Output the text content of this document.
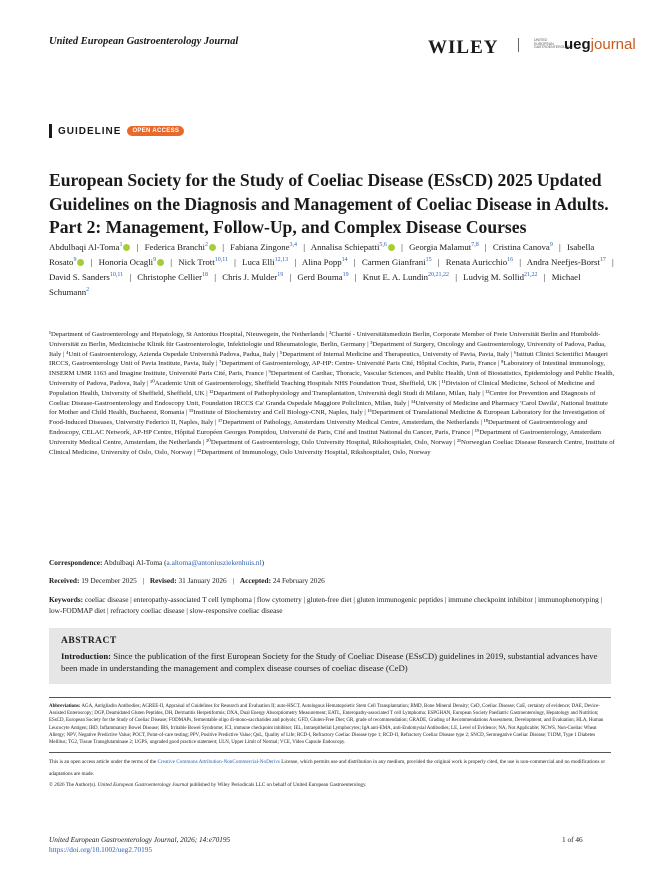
United European Gastroenterology Journal	WILEY	UNITED EUROPEAN GASTROENTEROLOGY
uegjournal
GUIDELINE	OPEN ACCESS
European Society for the Study of Coeliac Disease (ESsCD) 2025 Updated Guidelines on the Diagnosis and Management of Coeliac Disease in Adults. Part 2: Management, Follow-Up, and Complex Disease Courses
Abdulbaqi Al-Toma$^1$ | Federica Branchi$^2$ | Fabiana Zingone$^{3,4}$ | Annalisa Schiepatti$^{5,6}$ | Georgia Malamut$^{7,8}$ | Cristina Canova$^9$ | Isabella Rosato$^9$ | Honoria Ocagli$^9$ | Nick Trott$^{10,11}$ | Luca Elli$^{12,13}$ | Alina Popp$^{14}$ | Carmen Gianfrani$^{15}$ | Renata Auricchio$^{16}$ | Andra Neefjes-Borst$^{17}$ | David S. Sanders$^{10,11}$ | Christophe Cellier$^{18}$ | Chris J. Mulder$^{19}$ | Gerd Bouma$^{19}$ | Knut E. A. Lundin$^{20,21,22}$ | Ludvig M. Sollid$^{21,22}$ | Michael Schumann$^2$
¹Department of Gastroenterology and Hepatology, St Antonius Hospital, Nieuwegein, the Netherlands | ²Charité - Universitätsmedizin Berlin, Corporate Member of Freie Universität Berlin and Humboldt-Universität zu Berlin, Medizinische Klinik für Gastroenterologie, Infektiologie und Rheumatologie, Berlin, Germany | ³Department of Surgery, Oncology and Gastroenterology, University of Padova, Padua, Italy | ⁴Unit of Gastroenterology, Azienda Ospedale Università Padova, Padua, Italy | ⁵Department of Internal Medicine and Therapeutics, University of Pavia, Pavia, Italy | ⁶Istituti Clinici Scientifici Maugeri IRCCS, Gastroenterology Unit of Pavia Institute, Pavia, Italy | ⁷Department of Gastroenterology, AP-HP: Centre- Université Paris Cité, Hôpital Cochin, Paris, France | ⁸Laboratory of Intestinal immunology, INSERM UMR 1163 and Imagine Institute, Université Paris Cité, Paris, France | ⁹Department of Cardiac, Thoracic, Vascular Sciences, and Public Health, Unit of Biostatistics, Epidemiology and Public Health, University of Padova, Padova, Italy | ¹⁰Academic Unit of Gastroenterology, Sheffield Teaching Hospitals NHS Foundation Trust, Sheffield, UK | ¹¹Division of Clinical Medicine, School of Medicine and Population Health, University of Sheffield, Sheffield, UK | ¹²Department of Pathophysiology and Transplantation, Università degli Studi di Milano, Milan, Italy | ¹³Centre for Prevention and Diagnosis of Coeliac Disease-Gastroenterology and Endoscopy Unit, Foundation IRCCS Ca' Granda Ospedale Maggiore Policlinico, Milan, Italy | ¹⁴University of Medicine and Pharmacy 'Carol Davila', National Institute for Mother and Child Health, Bucharest, Romania | ¹⁵Institute of Biochemistry and Cell Biology-CNR, Naples, Italy | ¹⁶Department of Translational Medicine & European Laboratory for the Investigation of Food-Induced Diseases, University Federico II, Naples, Italy | ¹⁷Department of Pathology, Amsterdam University Medical Centre, Amsterdam, the Netherlands | ¹⁸Department of Gastroenterology and Endoscopy, CELAC Network, AP-HP Centre, Hôpital Européen Georges Pompidou, Université de Paris, Cité and Institut National du Cancer, Paris, France | ¹⁹Department of Gastroenterology, Amsterdam University Medical Centre, Amsterdam, the Netherlands | ²⁰Department of Gastroenterology, Oslo University Hospital, Rikshospitalet, Oslo, Norway | ²¹Norwegian Coeliac Disease Research Centre, Institute of Clinical Medicine, University of Oslo, Oslo, Norway | ²²Department of Immunology, Oslo University Hospital, Rikshospitalet, Oslo, Norway
Correspondence: Abdulbaqi Al-Toma (a.altoma@antoniusziekenhuis.nl)
Received: 19 December 2025 | Revised: 31 January 2026 | Accepted: 24 February 2026
Keywords: coeliac disease | enteropathy-associated T cell lymphoma | flow cytometry | gluten-free diet | gluten immunogenic peptides | immune checkpoint inhibitor | immunophenotyping | low-FODMAP diet | refractory coeliac disease | slow-responsive coeliac disease
ABSTRACT
Introduction: Since the publication of the first European Society for the Study of Coeliac Disease (ESsCD) guidelines in 2019, substantial advances have been made in understanding the management and complex disease courses of coeliac disease (CeD)
Abbreviations: AGA, Antigliadin Antibodies; AGREE-II, Appraisal of Guidelines for Research and Evaluation II; auto-HSCT, Autologous Hematopoietic Stem Cell Transplantation; BMD, Bone Mineral Density; CeD, Coeliac Disease; CoE, certainty of evidence; DAE, Device-Assisted Enteroscopy; DGP, Deamidated Gluten Peptides, DH, Dermatitis Herpetiformis; DXA, Dual Energy Absorptiometry Measurement; EATL, Enteropathy-associated T cell Lymphoma; ESPGHAN, European Society Paediatric Gastroenterology, Hepatology and Nutrition; ESsCD, European Society for the Study of Coeliac Disease; FODMAPs, fermentable oligo di-mono-saccharides and polyols; GFD, Gluten-Free Diet; GR, grade of recommendation; GRADE, Grading of Recommendations Assessment, Development, and Evaluation; HLA, Human Leucocyte Antigen; IBD, Inflammatory Bowel Disease; IBS, Irritable Bowel Syndrome; ICI, immune checkpoint inhibitor; IEL, Intraepithelial Lymphocytes; IgA anti-EMA, anti-Endomysial Antibodies; LE, Level of Evidence; NA, Not Applicable; NCWS, Non-Coeliac Wheat Allergy; NPV, Negative Predictive Value; POCT, Point-of-care testing; PPV, Positive Predictive Value; QoL, Quality of Life; RCD-I, Refractory Coeliac Disease type 1; RCD-II, Refractory Coeliac Disease type 2; SNCD, Seronegative Coeliac Disease; T1DM, Type 1 Diabetes Mellitus; TG2, Tissue Transglutaminase 2; UGPS, ungraded good practice statement; ULN, Upper Limit of Normal; VCE, Video Capsule Endoscopy.
This is an open access article under the terms of the Creative Commons Attribution-NonCommercial-NoDerivs License, which permits use and distribution in any medium, provided the original work is properly cited, the use is non-commercial and no modifications or adaptations are made.
© 2026 The Author(s). United European Gastroenterology Journal published by Wiley Periodicals LLC on behalf of United European Gastroenterology.
United European Gastroenterology Journal, 2026; 14:e70195
https://doi.org/10.1002/ueg2.70195
1 of 46
